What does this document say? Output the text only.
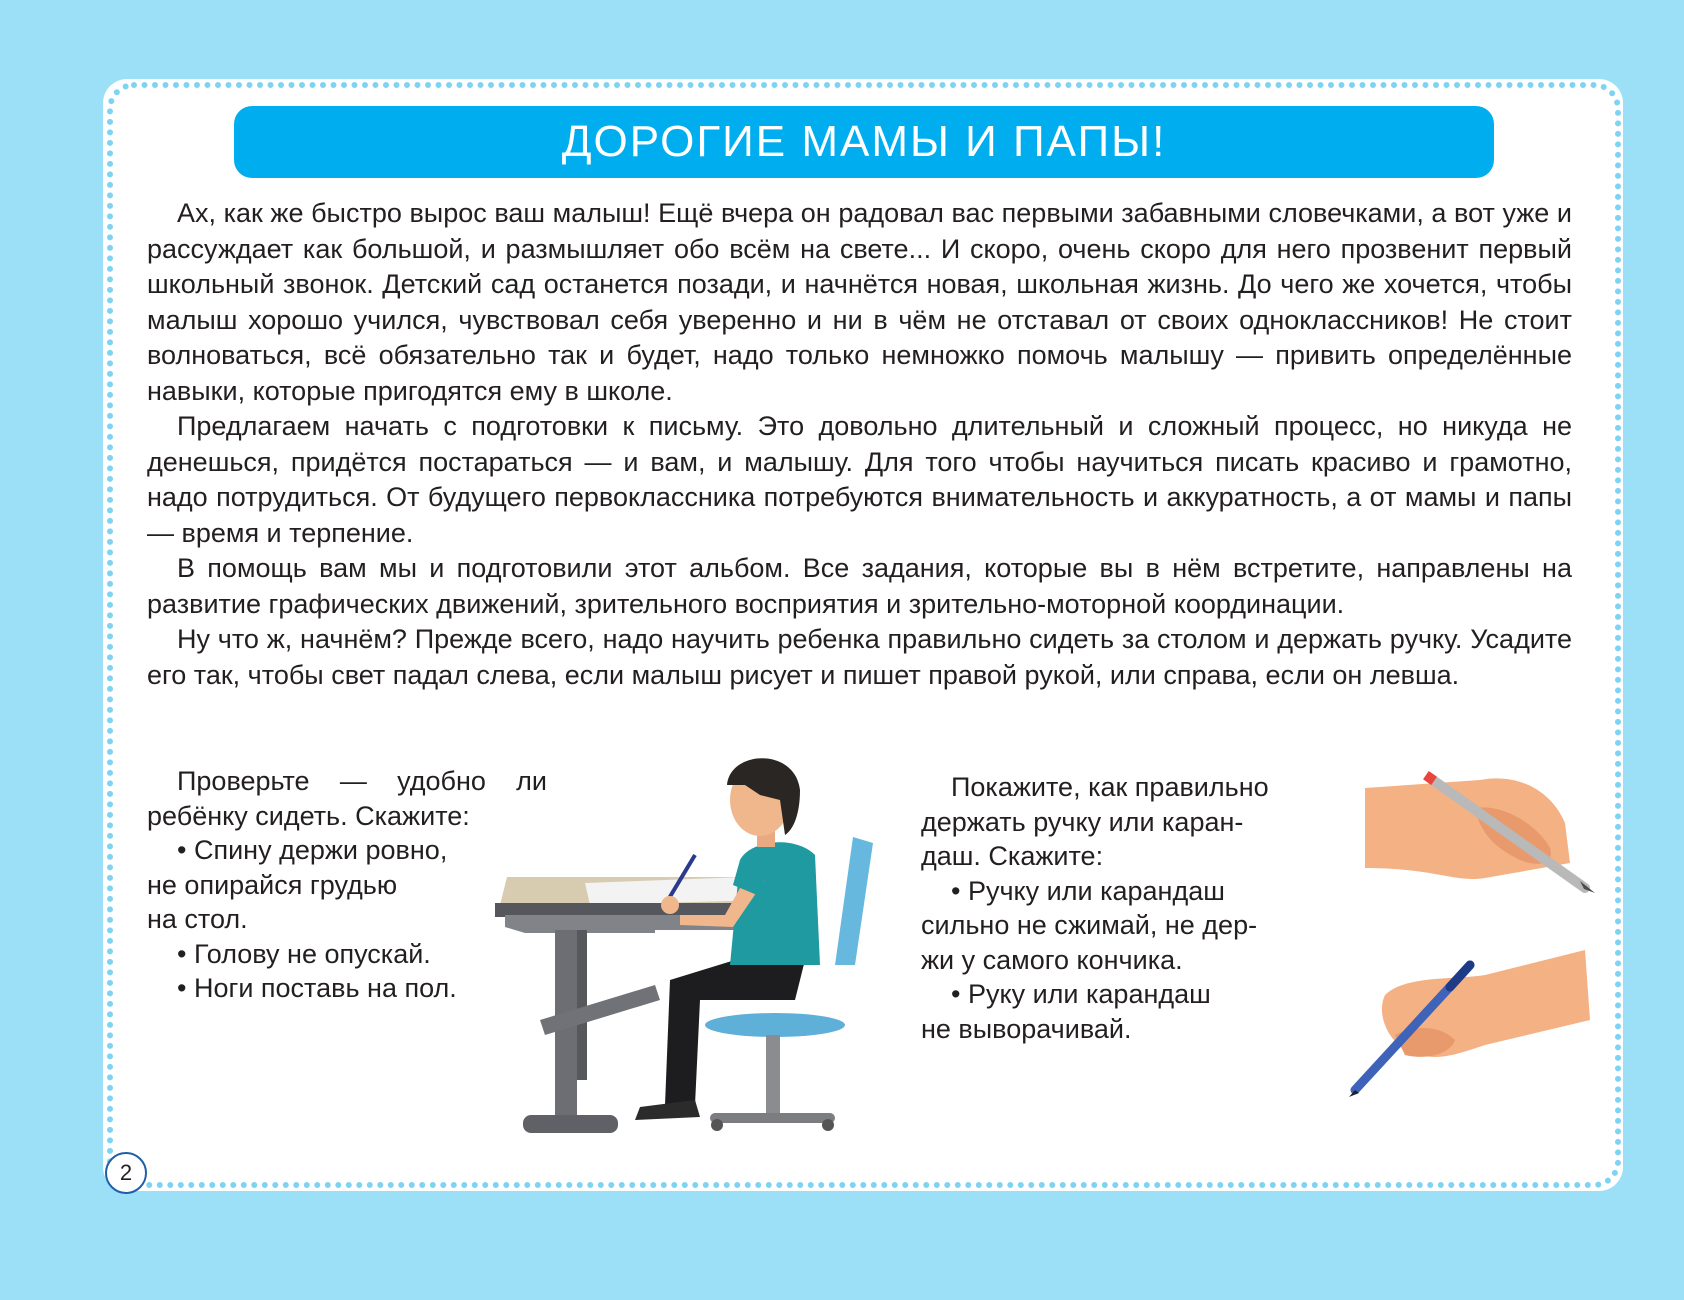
ДОРОГИЕ МАМЫ И ПАПЫ!

Ах, как же быстро вырос ваш малыш! Ещё вчера он радовал вас первыми забавными словечками, а вот уже и рассуждает как большой, и размышляет обо всём на свете... И скоро, очень скоро для него прозвенит первый школьный звонок. Детский сад останется позади, и начнётся новая, школьная жизнь. До чего же хочется, чтобы малыш хорошо учился, чувствовал себя уверенно и ни в чём не отставал от своих одноклассников! Не стоит волноваться, всё обязательно так и будет, надо только немножко помочь малышу — привить определённые навыки, которые пригодятся ему в школе.

Предлагаем начать с подготовки к письму. Это довольно длительный и сложный процесс, но никуда не денешься, придётся постараться — и вам, и малышу. Для того чтобы научиться писать красиво и грамотно, надо потрудиться. От будущего первоклассника потребуются внимательность и аккуратность, а от мамы и папы — время и терпение.

В помощь вам мы и подготовили этот альбом. Все задания, которые вы в нём встретите, направлены на развитие графических движений, зрительного восприятия и зрительно-моторной координации.

Ну что ж, начнём? Прежде всего, надо научить ребенка правильно сидеть за столом и держать ручку. Усадите его так, чтобы свет падал слева, если малыш рисует и пишет правой рукой, или справа, если он левша.

Проверьте — удобно ли

ребёнку сидеть. Скажите:

• Спину держи ровно,

не опирайся грудью

на стол.

• Голову не опускай.

• Ноги поставь на пол.

Покажите, как правильно

держать ручку или каран-

даш. Скажите:

• Ручку или карандаш

сильно не сжимай, не дер-

жи у самого кончика.

• Руку или карандаш

не выворачивай.

2
